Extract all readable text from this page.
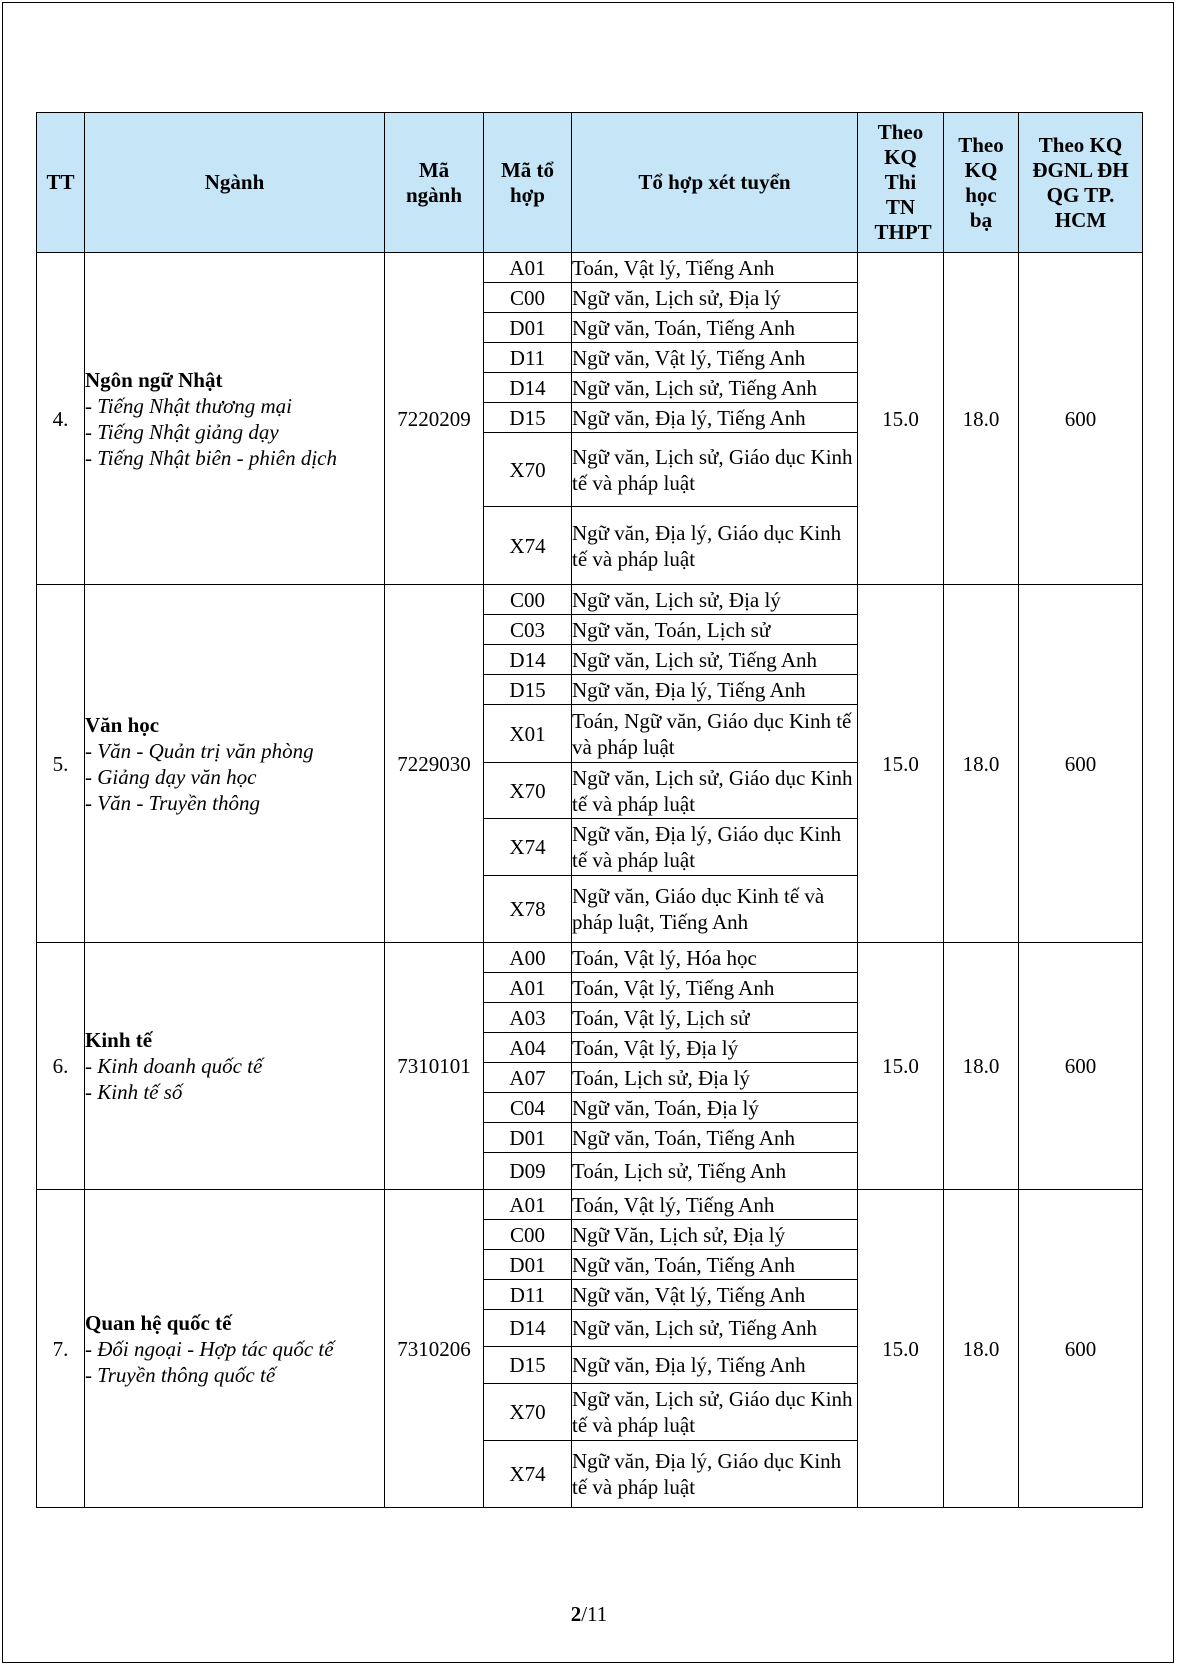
TT	Ngành	Mã ngành	Mã tổ hợp	Tổ hợp xét tuyển	Theo KQ Thi TN THPT	Theo KQ học bạ	Theo KQ ĐGNL ĐH QG TP. HCM

4.	Ngôn ngữ Nhật
- Tiếng Nhật thương mại
- Tiếng Nhật giảng dạy
- Tiếng Nhật biên - phiên dịch	7220209	A01	Toán, Vật lý, Tiếng Anh	15.0	18.0	600
			C00	Ngữ văn, Lịch sử, Địa lý			
			D01	Ngữ văn, Toán, Tiếng Anh			
			D11	Ngữ văn, Vật lý, Tiếng Anh			
			D14	Ngữ văn, Lịch sử, Tiếng Anh			
			D15	Ngữ văn, Địa lý, Tiếng Anh			
			X70	Ngữ văn, Lịch sử, Giáo dục Kinh tế và pháp luật			
			X74	Ngữ văn, Địa lý, Giáo dục Kinh tế và pháp luật			
5.	Văn học
- Văn - Quản trị văn phòng
- Giảng dạy văn học
- Văn - Truyền thông	7229030	C00	Ngữ văn, Lịch sử, Địa lý	15.0	18.0	600
			C03	Ngữ văn, Toán, Lịch sử			
			D14	Ngữ văn, Lịch sử, Tiếng Anh			
			D15	Ngữ văn, Địa lý, Tiếng Anh			
			X01	Toán, Ngữ văn, Giáo dục Kinh tế và pháp luật			
			X70	Ngữ văn, Lịch sử, Giáo dục Kinh tế và pháp luật			
			X74	Ngữ văn, Địa lý, Giáo dục Kinh tế và pháp luật			
			X78	Ngữ văn, Giáo dục Kinh tế và pháp luật, Tiếng Anh			
6.	Kinh tế
- Kinh doanh quốc tế
- Kinh tế số	7310101	A00	Toán, Vật lý, Hóa học	15.0	18.0	600
			A01	Toán, Vật lý, Tiếng Anh			
			A03	Toán, Vật lý, Lịch sử			
			A04	Toán, Vật lý, Địa lý			
			A07	Toán, Lịch sử, Địa lý			
			C04	Ngữ văn, Toán, Địa lý			
			D01	Ngữ văn, Toán, Tiếng Anh			
			D09	Toán, Lịch sử, Tiếng Anh			
7.	Quan hệ quốc tế
- Đối ngoại - Hợp tác quốc tế
- Truyền thông quốc tế	7310206	A01	Toán, Vật lý, Tiếng Anh	15.0	18.0	600
			C00	Ngữ Văn, Lịch sử, Địa lý			
			D01	Ngữ văn, Toán, Tiếng Anh			
			D11	Ngữ văn, Vật lý, Tiếng Anh			
			D14	Ngữ văn, Lịch sử, Tiếng Anh			
			D15	Ngữ văn, Địa lý, Tiếng Anh			
			X70	Ngữ văn, Lịch sử, Giáo dục Kinh tế và pháp luật			
			X74	Ngữ văn, Địa lý, Giáo dục Kinh tế và pháp luật			
2/11
